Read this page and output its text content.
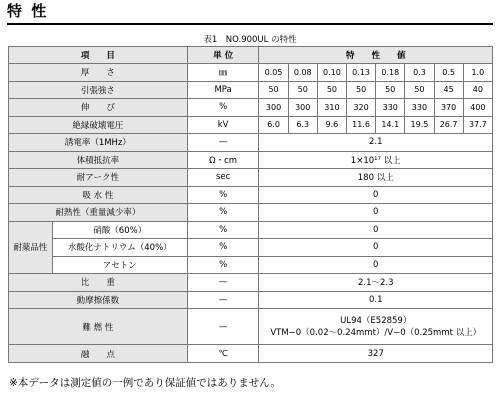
特 性
表1　NO.900UL の特性
項　　目		単 位	特　　性　　値							
厚　　さ		㎜	0.05	0.08	0.10	0.13	0.18	0.3	0.5	1.0
引張強さ		MPa	50	50	50	50	50	50	45	40
伸　　び		%	300	300	310	320	330	330	370	400
絶縁破壊電圧		kV	6.0	6.3	9.6	11.6	14.1	19.5	26.7	37.7
誘電率（1MHz）		—	2.1							
体積抵抗率		Ω・cm	1×10¹⁷ 以上							
耐アーク性		sec	180 以上							
吸 水 性		%	0							
耐熱性（重量減少率）		%	0							
耐薬品性	硝酸（60%）	%	0							
	水酸化ナトリウム（40%）	%	0							
	アセトン	%	0							
比　　重		—	2.1～2.3							
動摩擦係数		—	0.1							
難 燃 性		—	UL94（E52859）
VTM−0（0.02～0.24mmt）/V−0（0.25mmt 以上）							

融　　点		℃	327							
※本データは測定値の一例であり保証値ではありません。
